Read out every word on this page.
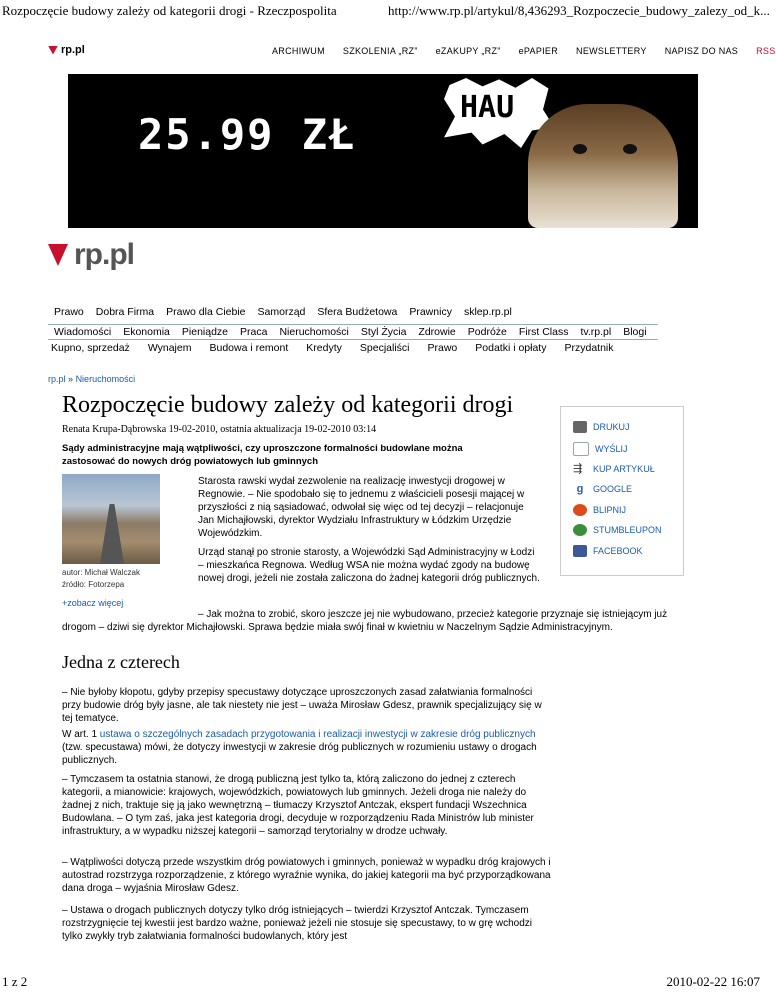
Rozpoczęcie budowy zależy od kategorii drogi - Rzeczpospolita	http://www.rp.pl/artykul/8,436293_Rozpoczecie_budowy_zalezy_od_k...
rp.pl	ARCHIWUM SZKOLENIA „RZ” eZAKUPY „RZ” ePAPIER NEWSLETTERY NAPISZ DO NAS RSS
25.99 ZŁ
HAU
rp.pl
Prawo	Dobra Firma	Prawo dla Ciebie	Samorząd	Sfera Budżetowa	Prawnicy	sklep.rp.pl
Wiadomości	Ekonomia	Pieniądze	Praca	Nieruchomości	Styl Życia	Zdrowie	Podróże	First Class	tv.rp.pl	Blogi
Kupno, sprzedaż Wynajem Budowa i remont Kredyty Specjaliści Prawo Podatki i opłaty Przydatnik
rp.pl » Nieruchomości
Rozpoczęcie budowy zależy od kategorii drogi
Renata Krupa-Dąbrowska 19-02-2010, ostatnia aktualizacja 19-02-2010 03:14
Sądy administracyjne mają wątpliwości, czy uproszczone formalności budowlane można zastosować do nowych dróg powiatowych lub gminnych
DRUKUJ
WYŚLIJ
⇶	KUP ARTYKUŁ
g	GOOGLE
BLIPNIJ
STUMBLEUPON
FACEBOOK
autor: Michał Walczak
źródło: Fotorzepa
+zobacz więcej
Starosta rawski wydał zezwolenie na realizację inwestycji drogowej w Regnowie. – Nie spodobało się to jednemu z właścicieli posesji mającej w przyszłości z nią sąsiadować, odwołał się więc od tej decyzji – relacjonuje Jan Michajłowski, dyrektor Wydziału Infrastruktury w Łódzkim Urzędzie Wojewódzkim.
Urząd stanął po stronie starosty, a Wojewódzki Sąd Administracyjny w Łodzi – mieszkańca Regnowa. Według WSA nie można wydać zgody na budowę nowej drogi, jeżeli nie została zaliczona do żadnej kategorii dróg publicznych.
– Jak można to zrobić, skoro jeszcze jej nie wybudowano, przecież kategorie przyznaje się istniejącym już drogom – dziwi się dyrektor Michajłowski. Sprawa będzie miała swój finał w kwietniu w Naczelnym Sądzie Administracyjnym.
Jedna z czterech
– Nie byłoby kłopotu, gdyby przepisy specustawy dotyczące uproszczonych zasad załatwiania formalności przy budowie dróg były jasne, ale tak niestety nie jest – uważa Mirosław Gdesz, prawnik specjalizujący się w tej tematyce.
W art. 1 ustawa o szczególnych zasadach przygotowania i realizacji inwestycji w zakresie dróg publicznych (tzw. specustawa) mówi, że dotyczy inwestycji w zakresie dróg publicznych w rozumieniu ustawy o drogach publicznych.
– Tymczasem ta ostatnia stanowi, że drogą publiczną jest tylko ta, którą zaliczono do jednej z czterech kategorii, a mianowicie: krajowych, wojewódzkich, powiatowych lub gminnych. Jeżeli droga nie należy do żadnej z nich, traktuje się ją jako wewnętrzną – tłumaczy Krzysztof Antczak, ekspert fundacji Wszechnica Budowlana. – O tym zaś, jaka jest kategoria drogi, decyduje w rozporządzeniu Rada Ministrów lub minister infrastruktury, a w wypadku niższej kategorii – samorząd terytorialny w drodze uchwały.
– Wątpliwości dotyczą przede wszystkim dróg powiatowych i gminnych, ponieważ w wypadku dróg krajowych i autostrad rozstrzyga rozporządzenie, z którego wyraźnie wynika, do jakiej kategorii ma być przyporządkowana dana droga – wyjaśnia Mirosław Gdesz.
– Ustawa o drogach publicznych dotyczy tylko dróg istniejących – twierdzi Krzysztof Antczak. Tymczasem rozstrzygnięcie tej kwestii jest bardzo ważne, ponieważ jeżeli nie stosuje się specustawy, to w grę wchodzi tylko zwykły tryb załatwiania formalności budowlanych, który jest
1 z 2	2010-02-22 16:07
